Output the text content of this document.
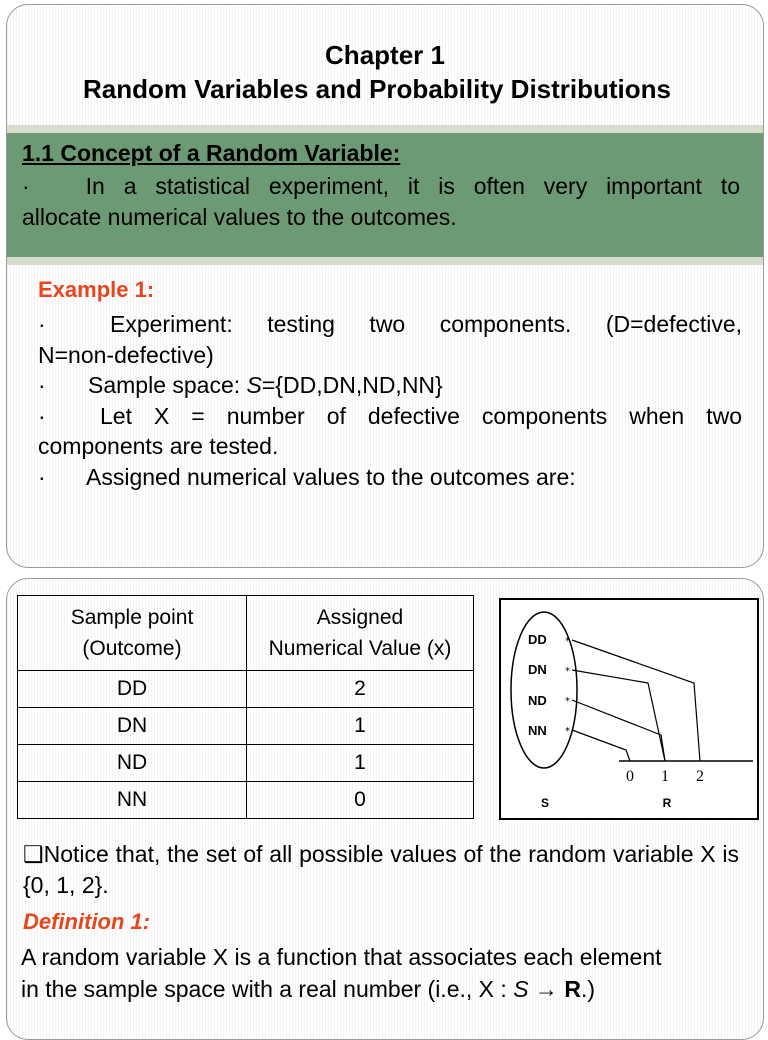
Chapter 1
Random Variables and Probability Distributions
1.1 Concept of a Random Variable:
· In a statistical experiment, it is often very important to
allocate numerical values to the outcomes.
Example 1:
·	Experiment: testing two components. (D=defective,
N=non-defective)
· Sample space: S={DD,DN,ND,NN}
· Let X = number of defective components when two
components are tested.
· Assigned numerical values to the outcomes are:
Sample point
(Outcome)	Assigned
Numerical Value (x)
DD	2
DN	1
ND	1
NN	0
*
*
*
*
DD
DN
ND
NN
0 1 2
S	R
❑Notice that, the set of all possible values of the random variable X is {0, 1, 2}.
Definition 1:
A random variable X is a function that associates each element
in the sample space with a real number (i.e., X : S → R.)
